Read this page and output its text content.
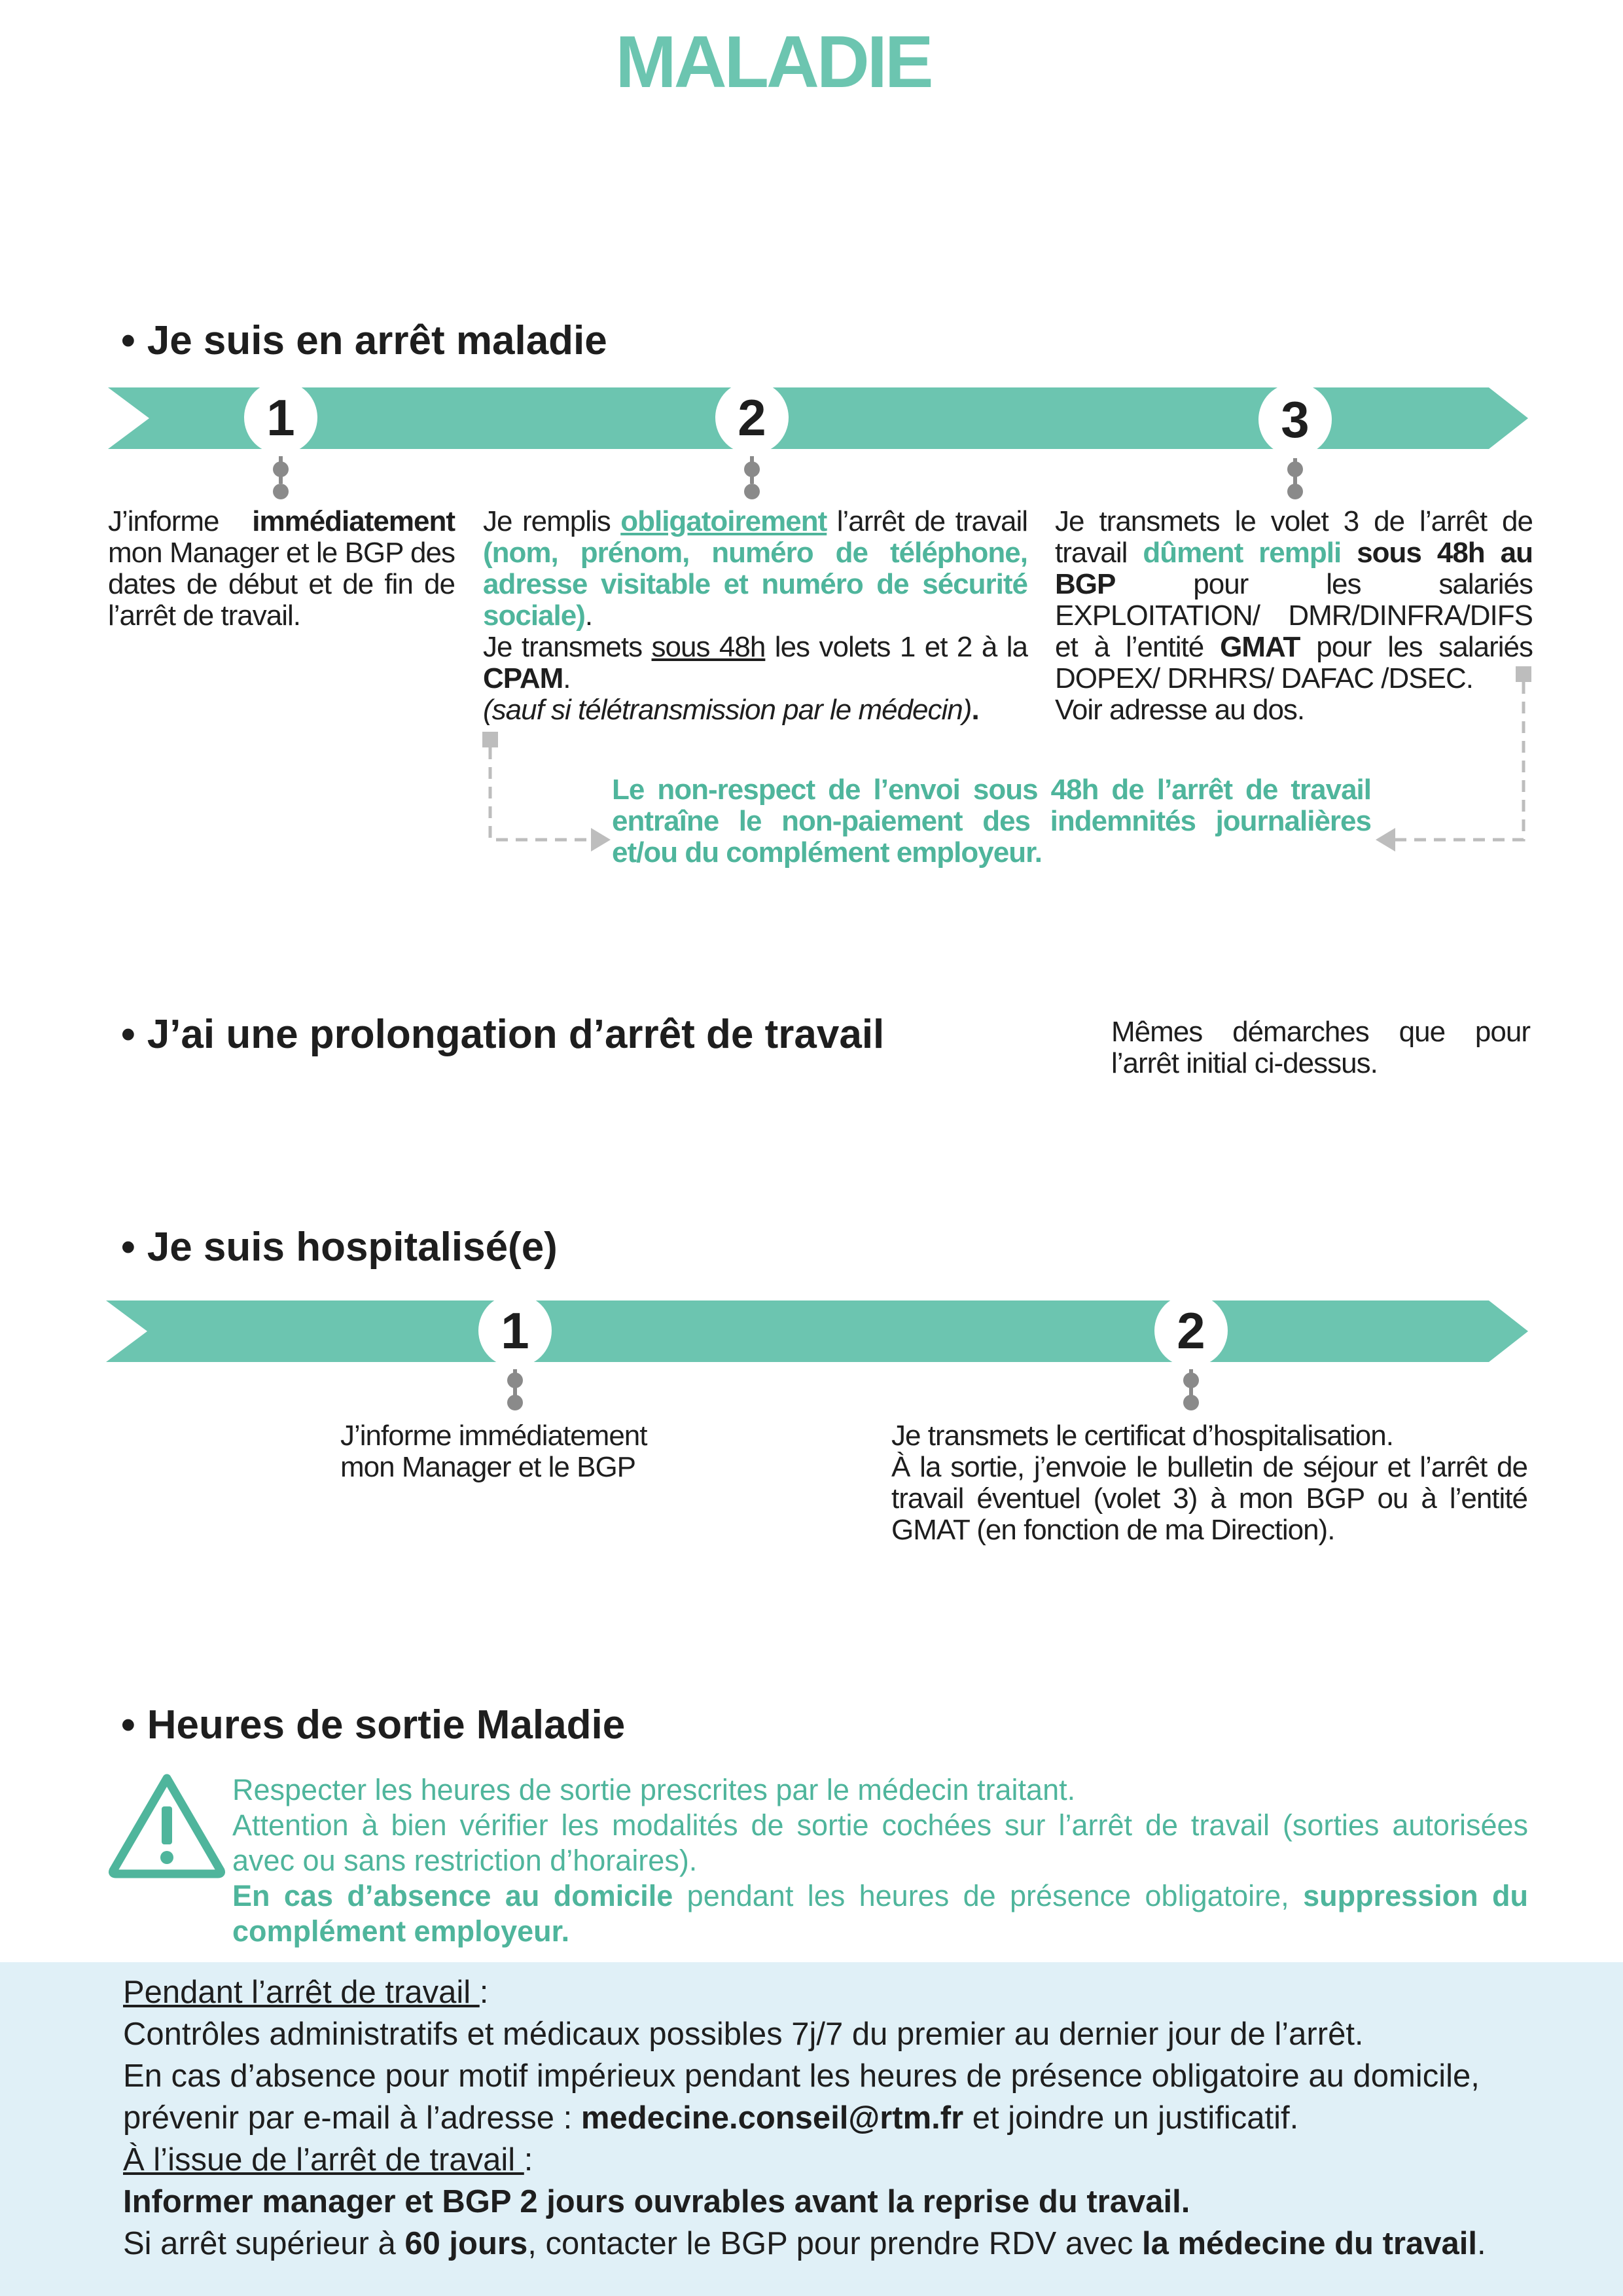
MALADIE
• Je suis en arrêt maladie
1	2	3
J’informe immédiatement mon Manager et le BGP des dates de début et de fin de l’arrêt de travail.
Je remplis obligatoirement l’arrêt de travail (nom, prénom, numéro de téléphone, adresse visitable et numéro de sécurité sociale).
Je transmets sous 48h les volets 1 et 2 à la CPAM.
(sauf si télétransmission par le médecin).
Je transmets le volet 3 de l’arrêt de travail dûment rempli sous 48h au BGP pour les salariés EXPLOITATION/ DMR/DINFRA/DIFS et à l’entité GMAT pour les salariés DOPEX/ DRHRS/ DAFAC /DSEC.
Voir adresse au dos.
Le non-respect de l’envoi sous 48h de l’arrêt de travail entraîne le non-paiement des indemnités journalières et/ou du complément employeur.
• J’ai une prolongation d’arrêt de travail	Mêmes démarches que pour l’arrêt initial ci-dessus.
• Je suis hospitalisé(e)
1	2
J’informe immédiatement mon Manager et le BGP
Je transmets le certificat d’hospitalisation.
À la sortie, j’envoie le bulletin de séjour et l’arrêt de travail éventuel (volet 3) à mon BGP ou à l’entité GMAT (en fonction de ma Direction).
• Heures de sortie Maladie
Respecter les heures de sortie prescrites par le médecin traitant.
Attention à bien vérifier les modalités de sortie cochées sur l’arrêt de travail (sorties autorisées avec ou sans restriction d’horaires).
En cas d’absence au domicile pendant les heures de présence obligatoire, suppression du complément employeur.
Pendant l’arrêt de travail :
Contrôles administratifs et médicaux possibles 7j/7 du premier au dernier jour de l’arrêt.
En cas d’absence pour motif impérieux pendant les heures de présence obligatoire au domicile,
prévenir par e-mail à l’adresse : medecine.conseil@rtm.fr et joindre un justificatif.
À l’issue de l’arrêt de travail :
Informer manager et BGP 2 jours ouvrables avant la reprise du travail.
Si arrêt supérieur à 60 jours, contacter le BGP pour prendre RDV avec la médecine du travail.
